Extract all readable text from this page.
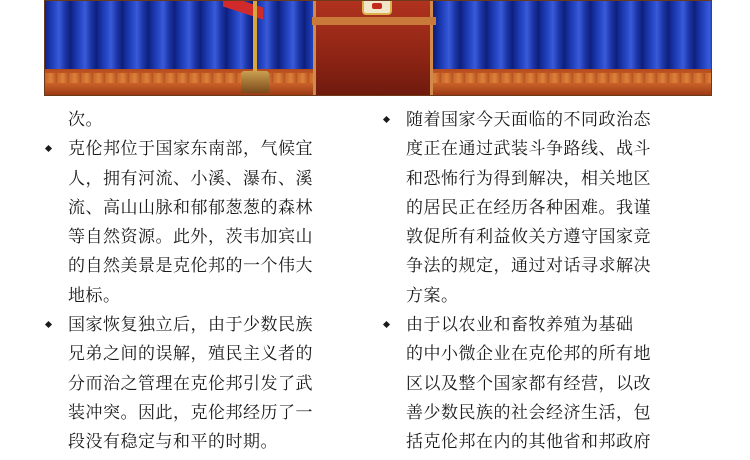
次。

克伦邦位于国家东南部，气候宜
人，拥有河流、小溪、瀑布、溪
流、高山山脉和郁郁葱葱的森林
等自然资源。此外，茨韦加宾山
的自然美景是克伦邦的一个伟大
地标。
国家恢复独立后，由于少数民族
兄弟之间的误解，殖民主义者的
分而治之管理在克伦邦引发了武
装冲突。因此，克伦邦经历了一
段没有稳定与和平的时期。
随着国家今天面临的不同政治态
度正在通过武装斗争路线、战斗
和恐怖行为得到解决，相关地区
的居民正在经历各种困难。我谨
敦促所有利益攸关方遵守国家竞
争法的规定，通过对话寻求解决
方案。
由于以农业和畜牧养殖为基础
的中小微企业在克伦邦的所有地
区以及整个国家都有经营，以改
善少数民族的社会经济生活，包
括克伦邦在内的其他省和邦政府
